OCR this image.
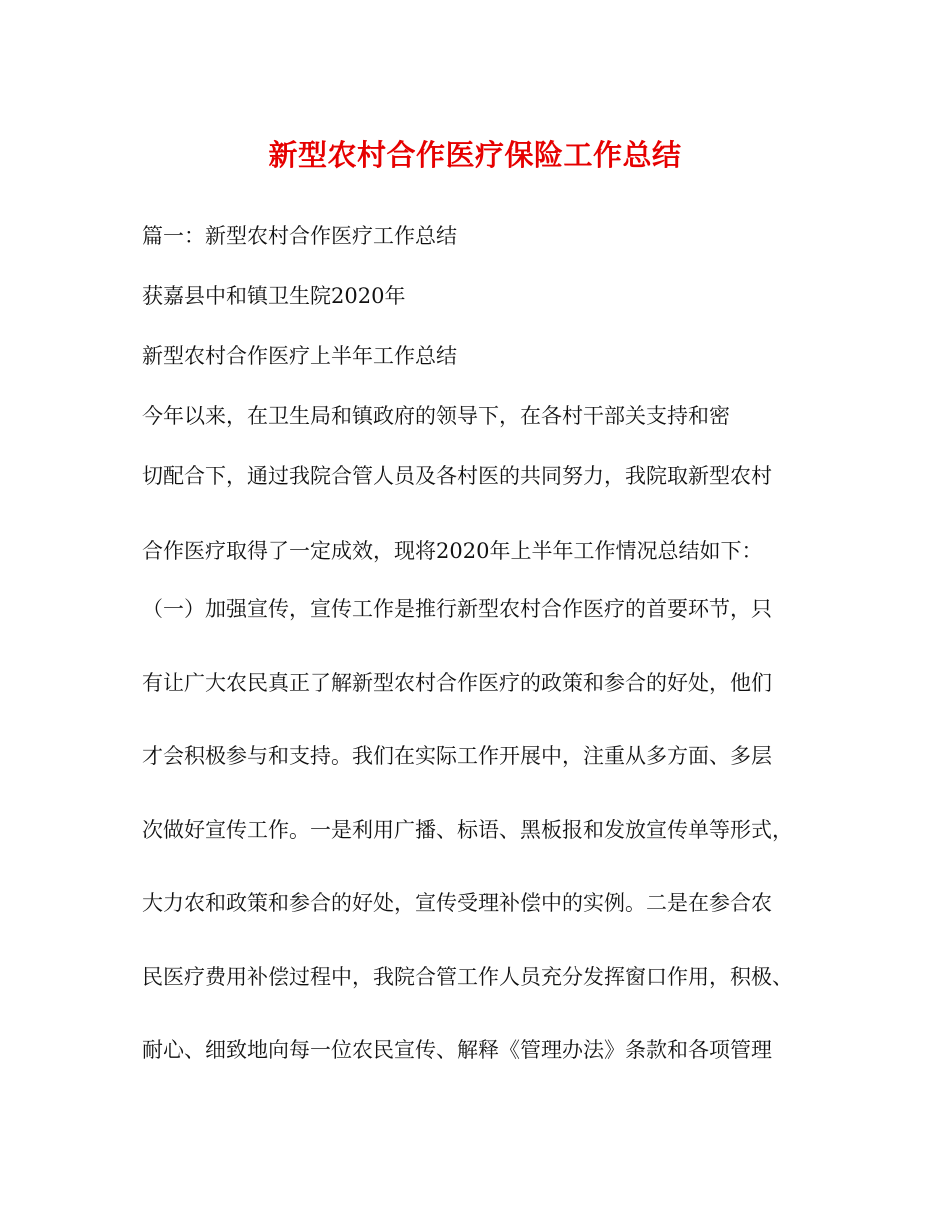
新型农村合作医疗保险工作总结
篇一：新型农村合作医疗工作总结
获嘉县中和镇卫生院2020年
新型农村合作医疗上半年工作总结
今年以来，在卫生局和镇政府的领导下，在各村干部关支持和密
切配合下，通过我院合管人员及各村医的共同努力，我院取新型农村
合作医疗取得了一定成效，现将2020年上半年工作情况总结如下：
（一）加强宣传，宣传工作是推行新型农村合作医疗的首要环节，只
有让广大农民真正了解新型农村合作医疗的政策和参合的好处，他们
才会积极参与和支持。我们在实际工作开展中，注重从多方面、多层
次做好宣传工作。一是利用广播、标语、黑板报和发放宣传单等形式，
大力农和政策和参合的好处，宣传受理补偿中的实例。二是在参合农
民医疗费用补偿过程中，我院合管工作人员充分发挥窗口作用，积极、
耐心、细致地向每一位农民宣传、解释《管理办法》条款和各项管理
